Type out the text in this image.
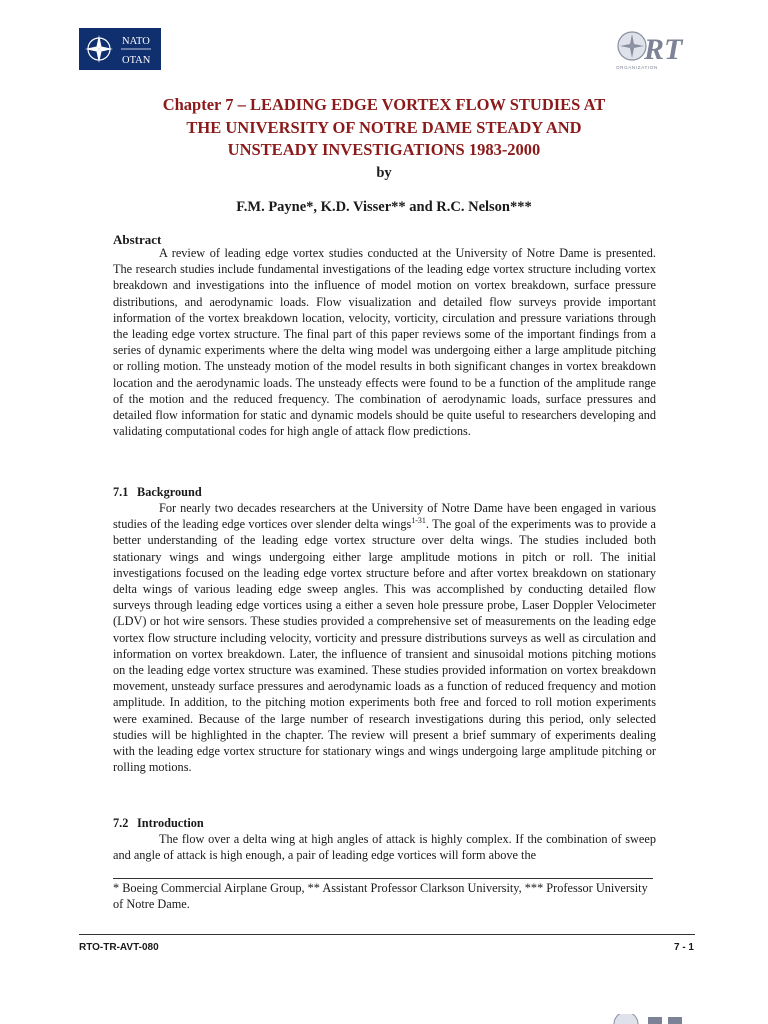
NATO
OTAN	R T
ORGANIZATION
Chapter 7 – LEADING EDGE VORTEX FLOW STUDIES AT
THE UNIVERSITY OF NOTRE DAME STEADY AND
UNSTEADY INVESTIGATIONS 1983-2000
by
F.M. Payne*, K.D. Visser** and R.C. Nelson***
Abstract

A review of leading edge vortex studies conducted at the University of Notre Dame is presented. The research studies include fundamental investigations of the leading edge vortex structure including vortex breakdown and investigations into the influence of model motion on vortex breakdown, surface pressure distributions, and aerodynamic loads. Flow visualization and detailed flow surveys provide important information of the vortex breakdown location, velocity, vorticity, circulation and pressure variations through the leading edge vortex structure. The final part of this paper reviews some of the important findings from a series of dynamic experiments where the delta wing model was undergoing either a large amplitude pitching or rolling motion. The unsteady motion of the model results in both significant changes in vortex breakdown location and the aerodynamic loads. The unsteady effects were found to be a function of the amplitude range of the motion and the reduced frequency. The combination of aerodynamic loads, surface pressures and detailed flow information for static and dynamic models should be quite useful to researchers developing and validating computational codes for high angle of attack flow predictions.

7.1 Background

For nearly two decades researchers at the University of Notre Dame have been engaged in various studies of the leading edge vortices over slender delta wings$^{1-31}$. The goal of the experiments was to provide a better understanding of the leading edge vortex structure over delta wings. The studies included both stationary wings and wings undergoing either large amplitude motions in pitch or roll. The initial investigations focused on the leading edge vortex structure before and after vortex breakdown on stationary delta wings of various leading edge sweep angles. This was accomplished by conducting detailed flow surveys through leading edge vortices using a either a seven hole pressure probe, Laser Doppler Velocimeter (LDV) or hot wire sensors. These studies provided a comprehensive set of measurements on the leading edge vortex flow structure including velocity, vorticity and pressure distributions surveys as well as circulation and information on vortex breakdown. Later, the influence of transient and sinusoidal motions pitching motions on the leading edge vortex structure was examined. These studies provided information on vortex breakdown movement, unsteady surface pressures and aerodynamic loads as a function of reduced frequency and motion amplitude. In addition, to the pitching motion experiments both free and forced to roll motion experiments were examined. Because of the large number of research investigations during this period, only selected studies will be highlighted in the chapter. The review will present a brief summary of experiments dealing with the leading edge vortex structure for stationary wings and wings undergoing large amplitude pitching or rolling motions.

7.2 Introduction

The flow over a delta wing at high angles of attack is highly complex. If the combination of sweep and angle of attack is high enough, a pair of leading edge vortices will form above the

* Boeing Commercial Airplane Group, ** Assistant Professor Clarkson University, *** Professor University of Notre Dame.

RTO-TR-AVT-080	7 - 1
